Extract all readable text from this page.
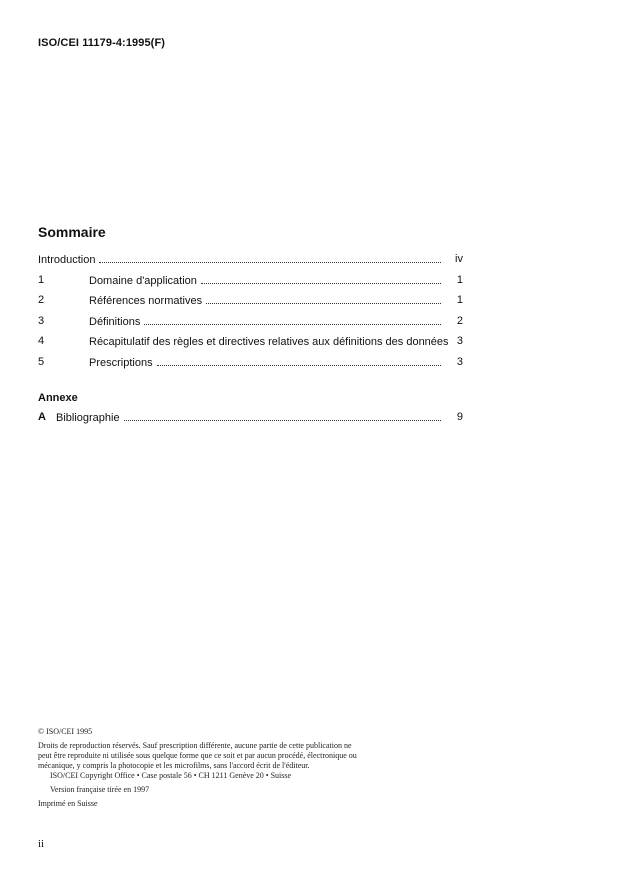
ISO/CEI 11179-4:1995(F)
Sommaire
Introduction	iv
1	Domaine d'application	1
2	Références normatives	1
3	Définitions	2
4	Récapitulatif des règles et directives relatives aux définitions des données 3
5	Prescriptions	3
Annexe
A Bibliographie	9
© ISO/CEI 1995
Droits de reproduction réservés. Sauf prescription différente, aucune partie de cette publication ne
peut être reproduite ni utilisée sous quelque forme que ce soit et par aucun procédé, électronique ou
mécanique, y compris la photocopie et les microfilms, sans l'accord écrit de l'éditeur.
ISO/CEI Copyright Office • Case postale 56 • CH 1211 Genève 20 • Suisse
Version française tirée en 1997
Imprimé en Suisse
ii
